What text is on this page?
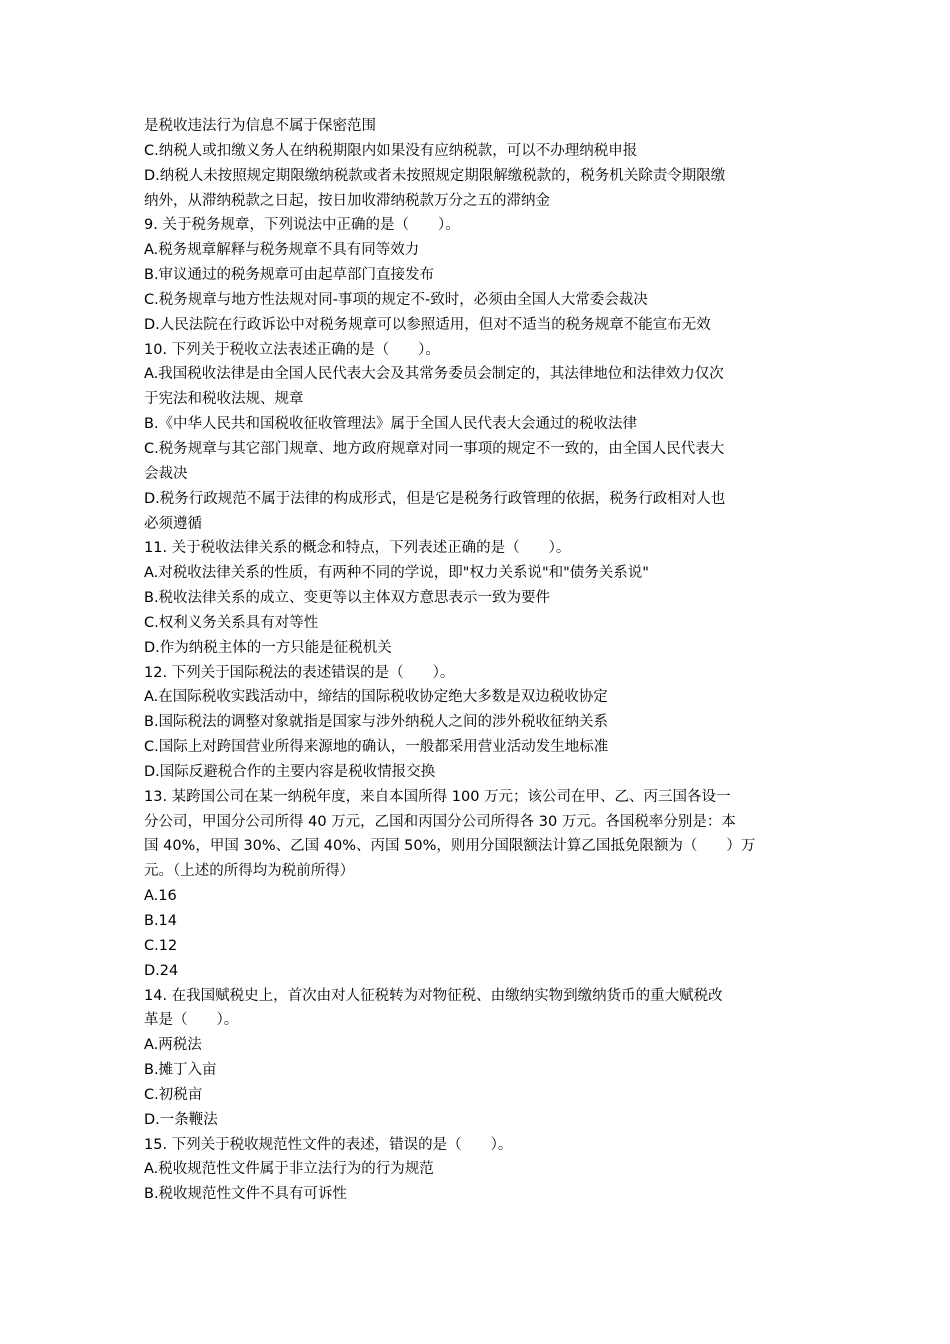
是税收违法行为信息不属于保密范围
C.纳税人或扣缴义务人在纳税期限内如果没有应纳税款，可以不办理纳税申报
D.纳税人未按照规定期限缴纳税款或者未按照规定期限解缴税款的，税务机关除责令期限缴
纳外，从滞纳税款之日起，按日加收滞纳税款万分之五的滞纳金
9. 关于税务规章，下列说法中正确的是（　　）。
A.税务规章解释与税务规章不具有同等效力
B.审议通过的税务规章可由起草部门直接发布
C.税务规章与地方性法规对同-事项的规定不-致时，必须由全国人大常委会裁决
D.人民法院在行政诉讼中对税务规章可以参照适用，但对不适当的税务规章不能宣布无效
10. 下列关于税收立法表述正确的是（　　）。
A.我国税收法律是由全国人民代表大会及其常务委员会制定的，其法律地位和法律效力仅次
于宪法和税收法规、规章
B.《中华人民共和国税收征收管理法》属于全国人民代表大会通过的税收法律
C.税务规章与其它部门规章、地方政府规章对同一事项的规定不一致的，由全国人民代表大
会裁决
D.税务行政规范不属于法律的构成形式，但是它是税务行政管理的依据，税务行政相对人也
必须遵循
11. 关于税收法律关系的概念和特点，下列表述正确的是（　　）。
A.对税收法律关系的性质，有两种不同的学说，即"权力关系说"和"债务关系说"
B.税收法律关系的成立、变更等以主体双方意思表示一致为要件
C.权利义务关系具有对等性
D.作为纳税主体的一方只能是征税机关
12. 下列关于国际税法的表述错误的是（　　）。
A.在国际税收实践活动中，缔结的国际税收协定绝大多数是双边税收协定
B.国际税法的调整对象就指是国家与涉外纳税人之间的涉外税收征纳关系
C.国际上对跨国营业所得来源地的确认，一般都采用营业活动发生地标准
D.国际反避税合作的主要内容是税收情报交换
13. 某跨国公司在某一纳税年度，来自本国所得 100 万元；该公司在甲、乙、丙三国各设一
分公司，甲国分公司所得 40 万元，乙国和丙国分公司所得各 30 万元。各国税率分别是：本
国 40%，甲国 30%、乙国 40%、丙国 50%，则用分国限额法计算乙国抵免限额为（　　）万
元。（上述的所得均为税前所得）
A.16
B.14
C.12
D.24
14. 在我国赋税史上，首次由对人征税转为对物征税、由缴纳实物到缴纳货币的重大赋税改
革是（　　）。
A.两税法
B.摊丁入亩
C.初税亩
D.一条鞭法
15. 下列关于税收规范性文件的表述，错误的是（　　）。
A.税收规范性文件属于非立法行为的行为规范
B.税收规范性文件不具有可诉性
